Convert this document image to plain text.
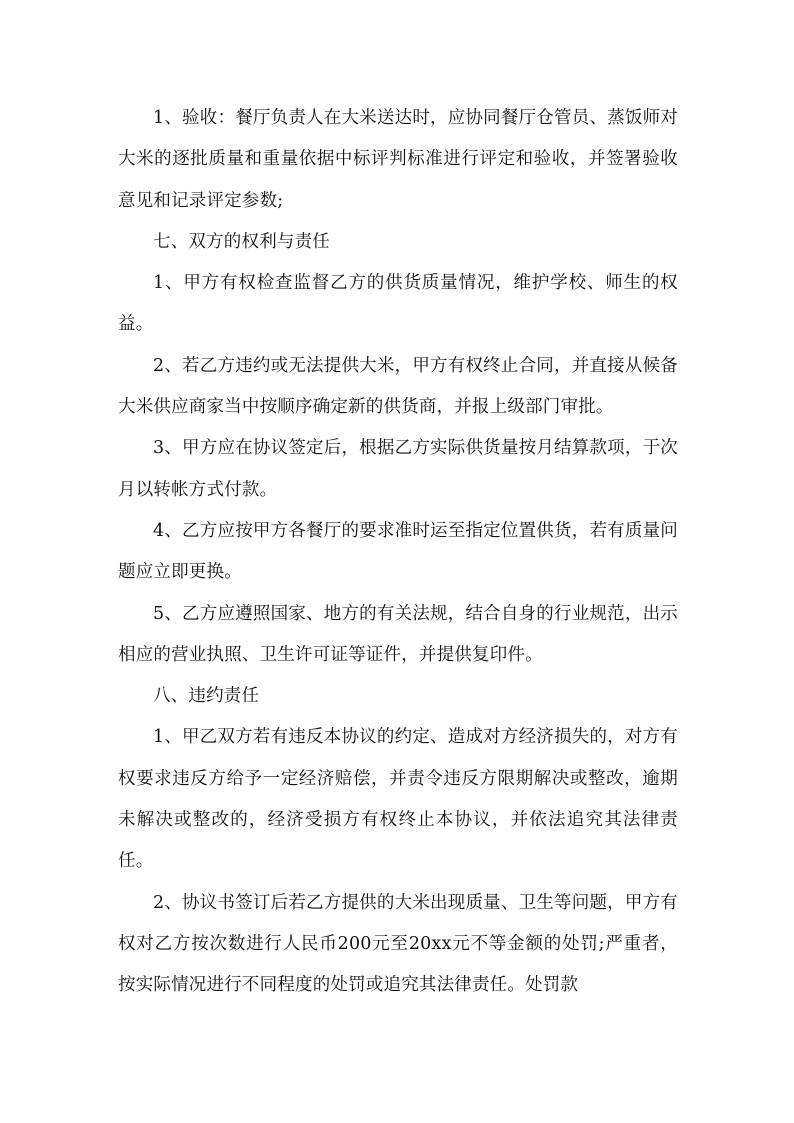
1、验收：餐厅负责人在大米送达时，应协同餐厅仓管员、蒸饭师对大米的逐批质量和重量依据中标评判标准进行评定和验收，并签署验收意见和记录评定参数;

七、双方的权利与责任

1、甲方有权检查监督乙方的供货质量情况，维护学校、师生的权益。

2、若乙方违约或无法提供大米，甲方有权终止合同，并直接从候备大米供应商家当中按顺序确定新的供货商，并报上级部门审批。

3、甲方应在协议签定后，根据乙方实际供货量按月结算款项，于次月以转帐方式付款。

4、乙方应按甲方各餐厅的要求准时运至指定位置供货，若有质量问题应立即更换。

5、乙方应遵照国家、地方的有关法规，结合自身的行业规范，出示相应的营业执照、卫生许可证等证件，并提供复印件。

八、违约责任

1、甲乙双方若有违反本协议的约定、造成对方经济损失的，对方有权要求违反方给予一定经济赔偿，并责令违反方限期解决或整改，逾期未解决或整改的，经济受损方有权终止本协议，并依法追究其法律责任。

2、协议书签订后若乙方提供的大米出现质量、卫生等问题，甲方有权对乙方按次数进行人民币200元至20xx元不等金额的处罚;严重者，按实际情况进行不同程度的处罚或追究其法律责任。处罚款
